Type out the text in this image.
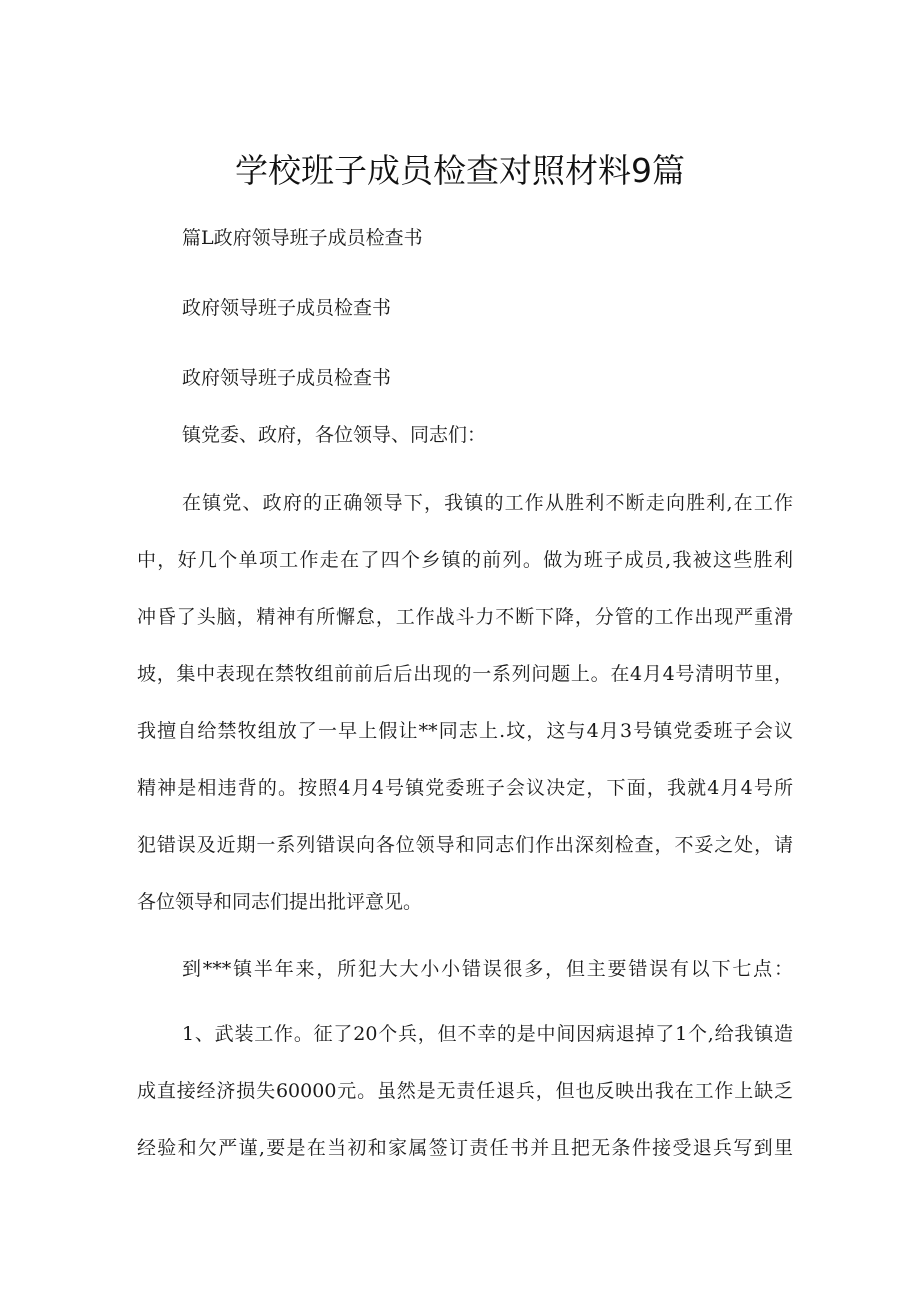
学校班子成员检查对照材料9篇

篇L政府领导班子成员检查书

政府领导班子成员检查书

政府领导班子成员检查书

镇党委、政府，各位领导、同志们：

在镇党、政府的正确领导下，我镇的工作从胜利不断走向胜利,在工作
中，好几个单项工作走在了四个乡镇的前列。做为班子成员,我被这些胜利
冲昏了头脑，精神有所懈怠，工作战斗力不断下降，分管的工作出现严重滑
坡，集中表现在禁牧组前前后后出现的一系列问题上。在4月4号清明节里，
我擅自给禁牧组放了一早上假让**同志上.坟，这与4月3号镇党委班子会议
精神是相违背的。按照4月4号镇党委班子会议决定，下面，我就4月4号所
犯错误及近期一系列错误向各位领导和同志们作出深刻检查，不妥之处，请
各位领导和同志们提出批评意见。
到***镇半年来，所犯大大小小错误很多，但主要错误有以下七点：
1、武装工作。征了20个兵，但不幸的是中间因病退掉了1个,给我镇造
成直接经济损失60000元。虽然是无责任退兵，但也反映出我在工作上缺乏
经验和欠严谨,要是在当初和家属签订责任书并且把无条件接受退兵写到里
